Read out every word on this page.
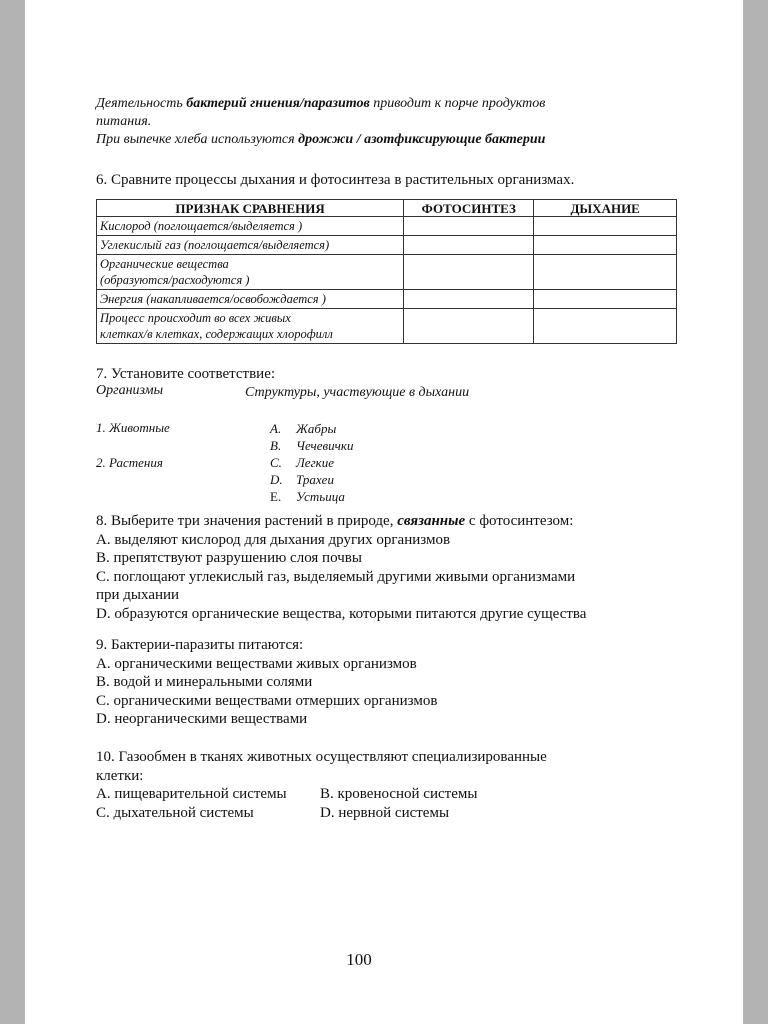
Деятельность бактерий гниения/паразитов приводит к порче продуктов
питания.
При выпечке хлеба используются дрожжи / азотфиксирующие бактерии
6. Сравните процессы дыхания и фотосинтеза в растительных организмах.
ПРИЗНАК СРАВНЕНИЯ	ФОТОСИНТЕЗ	ДЫХАНИЕ
Кислород (поглощается/выделяется )		
Углекислый газ (поглощается/выделяется)		

Органические вещества
(образуются/расходуются )		

Энергия (накапливается/освобождается )		

Процесс происходит во всех живых
клетках/в клетках, содержащих хлорофилл		

7. Установите соответствие:
Организмы	Структуры, участвующие в дыхании
1. Животные
2. Растения
A. Жабры
B. Чечевички
C. Легкие
D. Трахеи
E. Устьица
8. Выберите три значения растений в природе, связанные с фотосинтезом:
A. выделяют кислород для дыхания других организмов
B. препятствуют разрушению слоя почвы
C. поглощают углекислый газ, выделяемый другими живыми организмами
при дыхании
D. образуются органические вещества, которыми питаются другие существа
9. Бактерии-паразиты питаются:
A. органическими веществами живых организмов
B. водой и минеральными солями
C. органическими веществами отмерших организмов
D. неорганическими веществами
10. Газообмен в тканях животных осуществляют специализированные
клетки:
A. пищеварительной системы B. кровеносной системы
C. дыхательной системы	D. нервной системы
100
